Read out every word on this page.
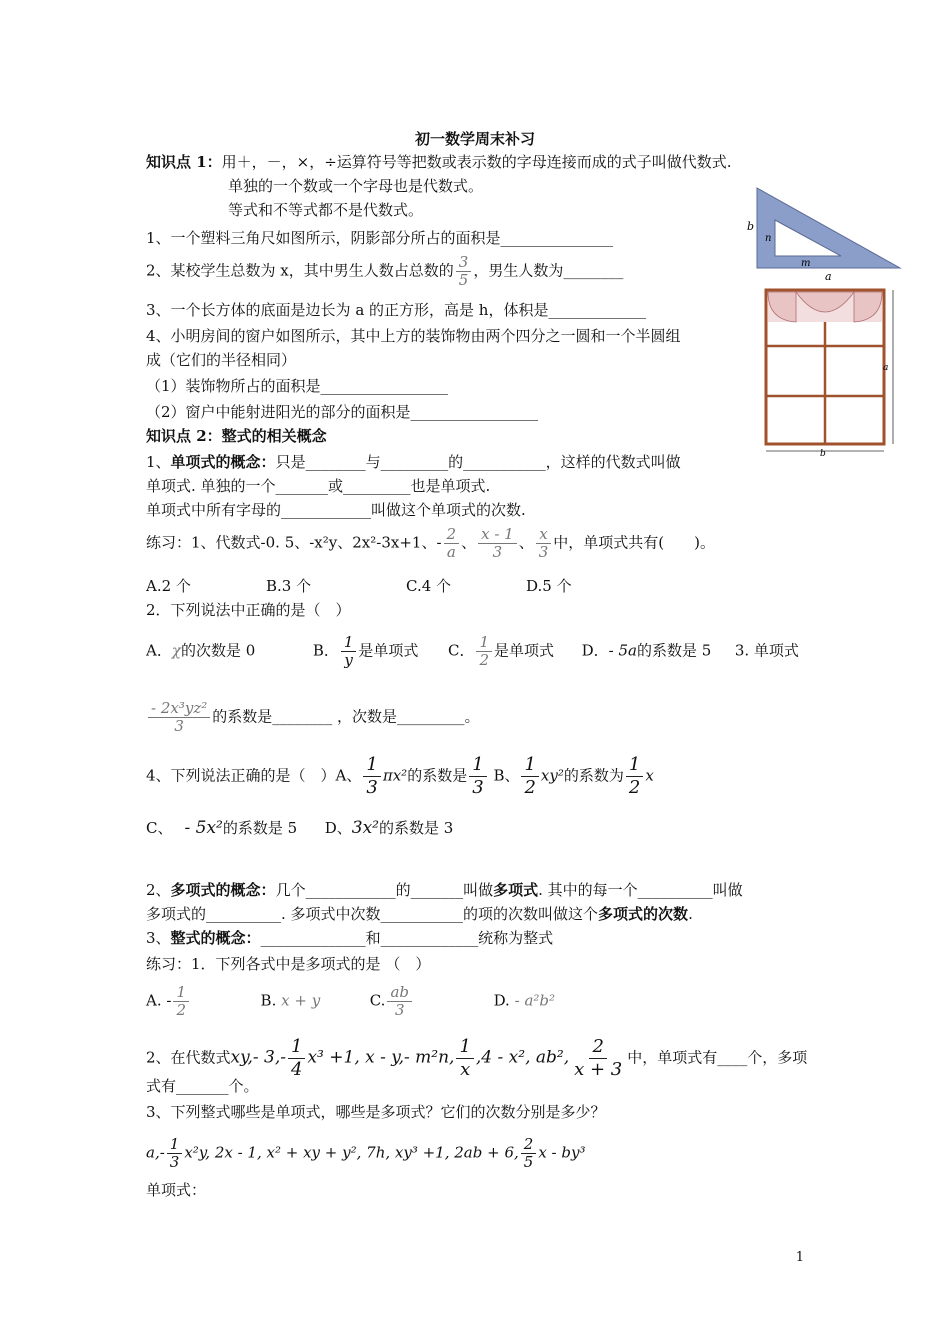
初一数学周末补习
知识点 1：用＋，－，×，÷运算符号等把数或表示数的字母连接而成的式子叫做代数式.
单独的一个数或一个字母也是代数式。
等式和不等式都不是代数式。
1、一个塑料三角尺如图所示，阴影部分所占的面积是_______________
2、某校学生总数为 x，其中男生人数占总数的 $\frac{3}{5}$ ，男生人数为________
3、一个长方体的底面是边长为 a 的正方形，高是 h，体积是_____________
4、小明房间的窗户如图所示，其中上方的装饰物由两个四分之一圆和一个半圆组
成（它们的半径相同）
（1）装饰物所占的面积是_________________
（2）窗户中能射进阳光的部分的面积是_________________
b
n
m
a
a
b
知识点 2：整式的相关概念
1、单项式的概念：只是________与_________的___________，这样的代数式叫做
单项式. 单独的一个_______或_________也是单项式.
单项式中所有字母的____________叫做这个单项式的次数.
练习：1、代数式-0. 5、-x²y、2x²-3x+1、- $\frac{2}{a}$ 、 $\frac{x - 1}{3}$ 、 $\frac{x}{3}$ 中，单项式共有(　　)。
A.2 个	B.3 个	C.4 个	D.5 个
2．下列说法中正确的是（　）
A．χ的次数是 0	B． $\frac{1}{y}$ 是单项式 C． $\frac{1}{2}$ 是单项式 D．- 5a的系数是 5 3. 单项式
$\frac{\text{- 2x³yz²}}{3}$ 的系数是________ ，次数是_________。
4、下列说法正确的是（　）A、 $\frac{1}{3} \pi x^2$的系数是 $\frac{1}{3}$ B、 $\frac{1}{2} xy^2$的系数为 $\frac{1}{2}$ x
C、 - 5x²的系数是 5 D、3x²的系数是 3
2、多项式的概念：几个____________的_______叫做多项式. 其中的每一个__________叫做
多项式的__________. 多项式中次数___________的项的次数叫做这个多项式的次数.
3、整式的概念：______________和_____________统称为整式
练习：1．下列各式中是多项式的是 （　）
A. - $\frac{1}{2}$	B. x + y	C. $\frac{ab}{3}$	D. - a²b²
2、在代数式xy,- $3,- \frac{1}{4} x^3 +1$, x - y,- m²n, $\frac{1}{x} ,4 - x^2$, ab², $\frac{2}{x + 3}$ 中，单项式有____个，多项
式有_______个。
3、下列整式哪些是单项式，哪些是多项式？它们的次数分别是多少？
$a,- \frac{1}{3} x^2y$, 2x - 1, x² + xy + y², 7h, xy³ +1, 2ab + 6, $\frac{2}{5}$ x - by³
单项式：
1
